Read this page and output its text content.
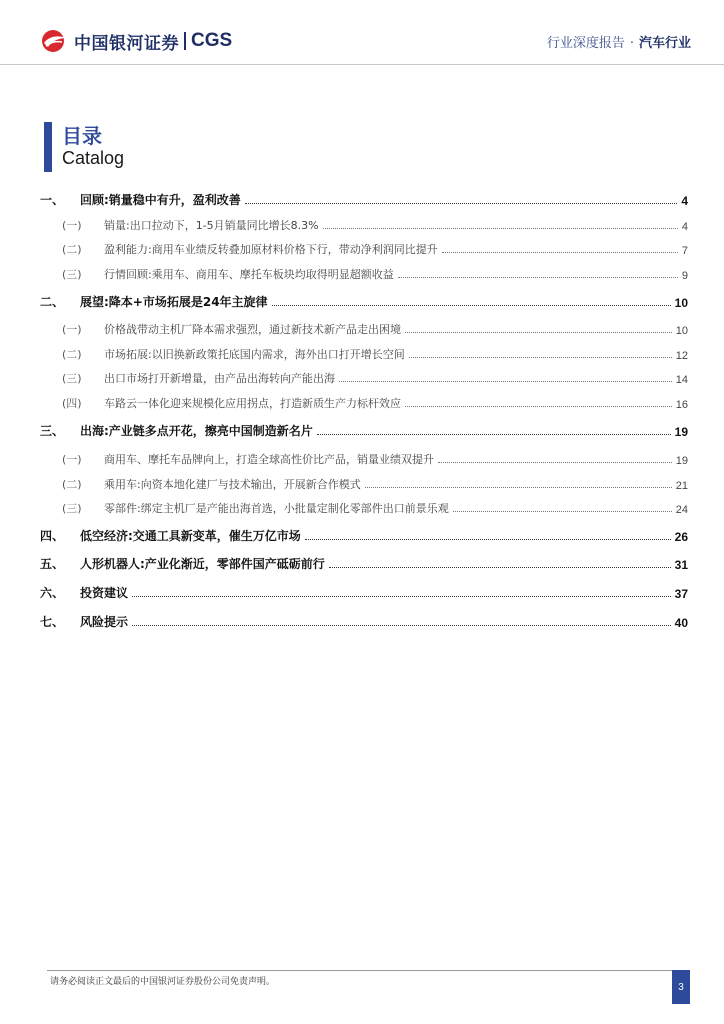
中国银河证券 CGS	行业深度报告 · 汽车行业
目录
Catalog
一、	回顾:销量稳中有升，盈利改善	4
(一)	销量:出口拉动下，1-5月销量同比增长8.3%	4
(二)	盈利能力:商用车业绩反转叠加原材料价格下行，带动净利润同比提升	7
(三)	行情回顾:乘用车、商用车、摩托车板块均取得明显超额收益	9
二、	展望:降本+市场拓展是24年主旋律	10
(一)	价格战带动主机厂降本需求强烈，通过新技术新产品走出困境	10
(二)	市场拓展:以旧换新政策托底国内需求，海外出口打开增长空间	12
(三)	出口市场打开新增量，由产品出海转向产能出海	14
(四)	车路云一体化迎来规模化应用拐点，打造新质生产力标杆效应	16
三、	出海:产业链多点开花，擦亮中国制造新名片	19
(一)	商用车、摩托车品牌向上，打造全球高性价比产品，销量业绩双提升	19
(二)	乘用车:向资本地化建厂与技术输出，开展新合作模式	21
(三)	零部件:绑定主机厂是产能出海首选，小批量定制化零部件出口前景乐观	24
四、	低空经济:交通工具新变革，催生万亿市场	26
五、	人形机器人:产业化渐近，零部件国产砥砺前行	31
六、	投资建议	37
七、	风险提示	40
请务必阅读正文最后的中国银河证券股份公司免责声明。	3
